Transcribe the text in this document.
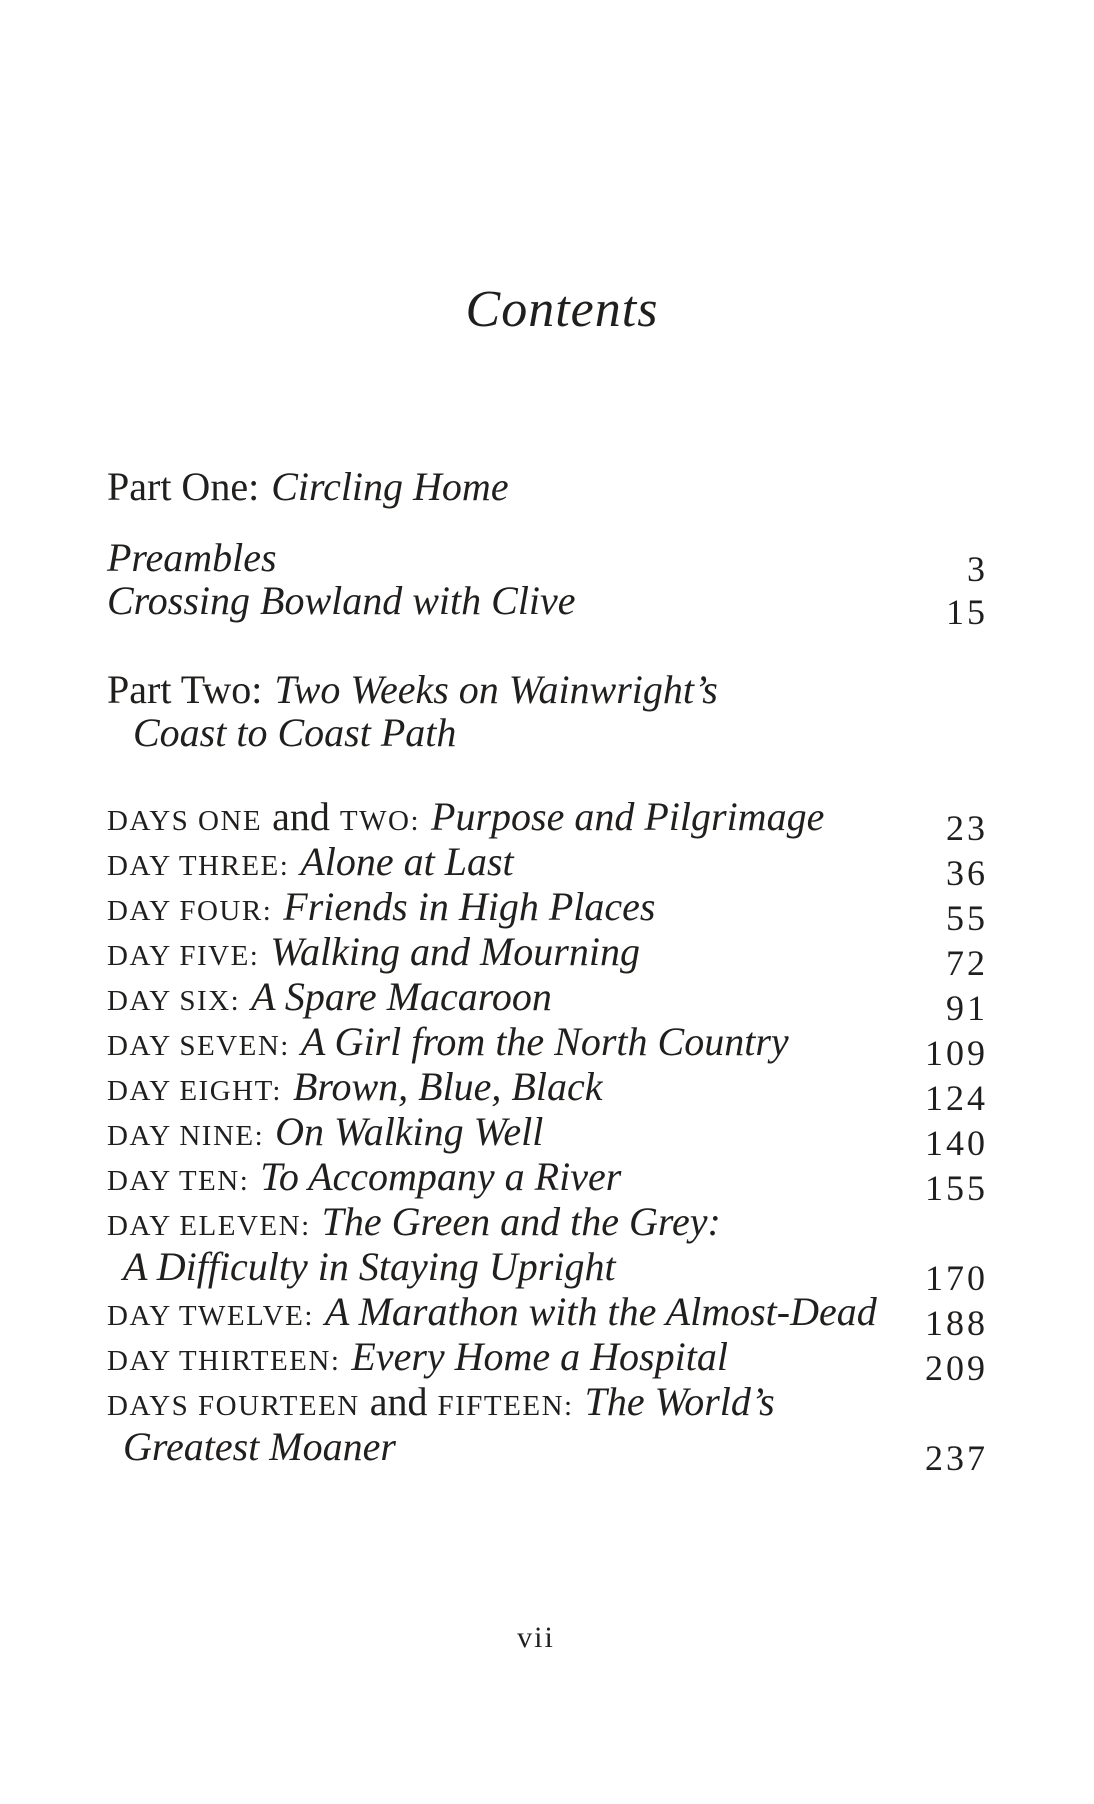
Contents
Part One: Circling Home
Preambles	3
Crossing Bowland with Clive	15
Part Two: Two Weeks on Wainwright’s
Coast to Coast Path
DAYS ONE and TWO: Purpose and Pilgrimage	23
DAY THREE: Alone at Last	36
DAY FOUR: Friends in High Places	55
DAY FIVE: Walking and Mourning	72
DAY SIX: A Spare Macaroon	91
DAY SEVEN: A Girl from the North Country	109
DAY EIGHT: Brown, Blue, Black	124
DAY NINE: On Walking Well	140
DAY TEN: To Accompany a River	155
DAY ELEVEN: The Green and the Grey:
A Difficulty in Staying Upright	170
DAY TWELVE: A Marathon with the Almost-Dead 188
DAY THIRTEEN: Every Home a Hospital	209
DAYS FOURTEEN and FIFTEEN: The World’s
Greatest Moaner	237
vii
